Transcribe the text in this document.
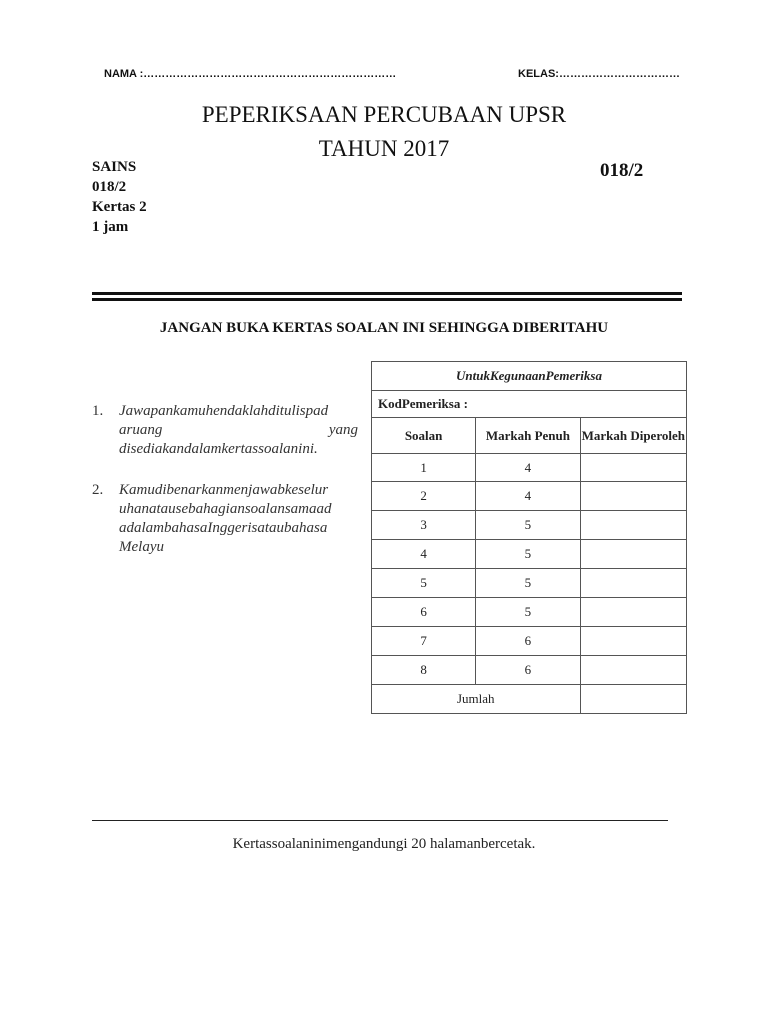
NAMA :……………………………………………………………	KELAS:……………………………
PEPERIKSAAN PERCUBAAN UPSR
TAHUN 2017
SAINS
018/2
Kertas 2
1 jam
018/2
JANGAN BUKA KERTAS SOALAN INI SEHINGGA DIBERITAHU
1. Jawapankamuhendaklahditulispad aruang yang disediakandalamkertassoalanini.
2. Kamudibenarkanmenjawabkeselur uhanatausebahagiansoalansamaad adalambahasaInggerisataubahasa Melayu
UntukKegunaanPemeriksa		
KodPemeriksa :		
Soalan	Markah Penuh	Markah Diperoleh
1	4	
2	4	
3	5	
4	5	
5	5	
6	5	
7	6	
8	6	
Jumlah		
Kertassoalaninimengandungi 20 halamanbercetak.
